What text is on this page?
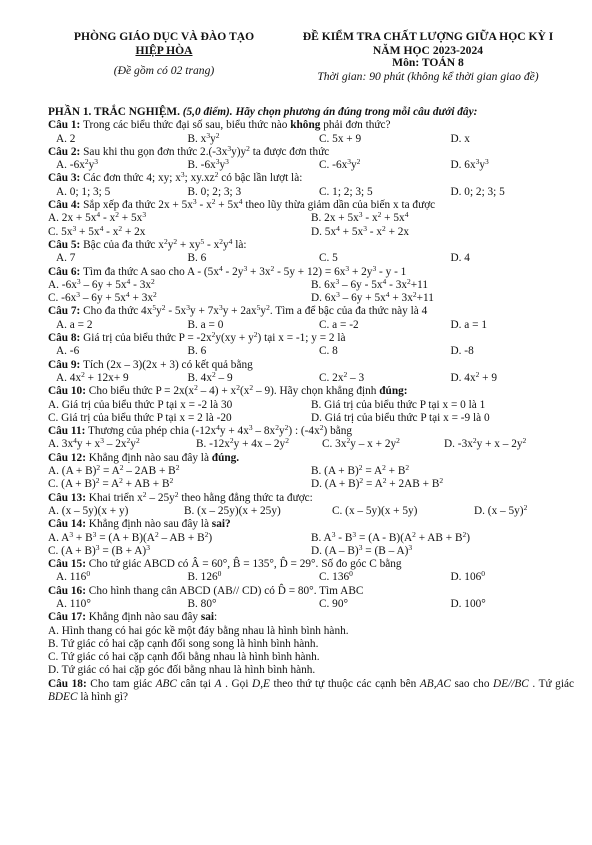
PHÒNG GIÁO DỤC VÀ ĐÀO TẠO
HIỆP HÒA
(Đề gồm có 02 trang)
ĐỀ KIỂM TRA CHẤT LƯỢNG GIỮA HỌC KỲ I
NĂM HỌC 2023-2024
Môn: TOÁN 8
Thời gian: 90 phút (không kể thời gian giao đề)
PHẦN 1. TRẮC NGHIỆM. (5,0 điểm). Hãy chọn phương án đúng trong mỗi câu dưới đây:
Câu 1: Trong các biểu thức đại số sau, biểu thức nào không phải đơn thức?
A. 2	B. $x^3y^2$	C. 5x + 9	D. x
Câu 2: Sau khi thu gọn đơn thức $2.(-3x^3y)y^2$ ta được đơn thức
A. $-6x^2y^3$	B. $-6x^3y^3$	C. $-6x^3y^2$	D. $6x^3y^3$
Câu 3: Các đơn thức 4; xy; $x^3$; $xy.xz^2$ có bậc lần lượt là:
A. 0; 1; 3; 5	B. 0; 2; 3; 3	C. 1; 2; 3; 5	D. 0; 2; 3; 5
Câu 4: Sắp xếp đa thức $2x + 5x^3 - x^2 + 5x^4$ theo lũy thừa giảm dần của biến x ta được
A. $2x + 5x^4 - x^2 + 5x^3$	B. $2x + 5x^3 - x^2 + 5x^4$
C. $5x^3 + 5x^4 - x^2 + 2x$	D. $5x^4 + 5x^3 - x^2 + 2x$
Câu 5: Bậc của đa thức $x^2y^2 + xy^5 - x^2y^4$ là:
A. 7	B. 6	C. 5	D. 4
Câu 6: Tìm đa thức A sao cho $A - (5x^4 - 2y^3 + 3x^2 - 5y + 12) = 6x^3 + 2y^3 - y - 1$
A. $-6x^3 - 6y + 5x^4 - 3x^2$	B. $6x^3 - 6y - 5x^4 - 3x^2+11$
C. $-6x^3 - 6y + 5x^4 + 3x^2$	D. $6x^3 - 6y + 5x^4 + 3x^2+11$
Câu 7: Cho đa thức $4x^5y^2 - 5x^3y + 7x^3y + 2ax^5y^2$. Tìm a để bậc của đa thức này là 4
A. a = 2	B. a = 0	C. a = -2	D. a = 1
Câu 8: Giá trị của biểu thức $P = -2x^2y(xy + y^2)$ tại x = -1; y = 2 là
A. -6	B. 6	C. 8	D. -8
Câu 9: Tích (2x – 3)(2x + 3) có kết quả bằng
A. $4x^2 + 12x+ 9$	B. $4x^2 - 9$	C. $2x^2 - 3$	D. $4x^2 + 9$
Câu 10: Cho biểu thức $P = 2x(x^2 - 4) + x^2(x^2 - 9)$. Hãy chọn khẳng định đúng:
A. Giá trị của biểu thức P tại x = -2 là 30	B. Giá trị của biểu thức P tại x = 0 là 1
C. Giá trị của biểu thức P tại x = 2 là -20	D. Giá trị của biểu thức P tại x = -9 là 0
Câu 11: Thương của phép chia $(-12x^4y + 4x^3 - 8x^2y^2)$ : $(-4x^2)$ bằng
A. $3x^4y + x^3 - 2x^2y^2$	B. $-12x^2y + 4x - 2y^2$	C. $3x^2y - x + 2y^2$	D. $-3x^2y + x - 2y^2$
Câu 12: Khẳng định nào sau đây là đúng.
A. $(A + B)^2 = A^2 - 2AB + B^2$	B. $(A + B)^2 = A^2 + B^2$
C. $(A + B)^2 = A^2$ + AB + $B^2$	D. $(A + B)^2 = A^2 + 2AB + B^2$
Câu 13: Khai triển $x^2 - 25y^2$ theo hằng đẳng thức ta được:
A. (x – 5y)(x + y)	B. (x – 25y)(x + 25y)	C. (x – 5y)(x + 5y)	D. (x – 5y)$^2$
Câu 14: Khẳng định nào sau đây là sai?
A. $A^3 + B^3 = (A + B)(A^2$ – AB + $B^2$)	B. $A^3 - B^3 = (A - B)(A^2$ + AB + $B^2$)
C. $(A + B)^3 = (B + A)^3$	D. (A – B)$^3$ = (B – A)$^3$
Câu 15: Cho tứ giác ABCD có Â = 60°, B̂ = 135°, D̂ = 29°. Số đo góc C bằng
A. $116^0$	B. $126^0$	C. $136^0$	D. $106^0$
Câu 16: Cho hình thang cân ABCD (AB// CD) có D̂ = 80°. Tìm ABC
A. 110°	B. 80°	C. 90°	D. 100°
Câu 17: Khẳng định nào sau đây sai:
A. Hình thang có hai góc kề một đáy bằng nhau là hình bình hành.
B. Tứ giác có hai cặp cạnh đối song song là hình bình hành.
C. Tứ giác có hai cặp cạnh đối bằng nhau là hình bình hành.
D. Tứ giác có hai cặp góc đối bằng nhau là hình bình hành.
Câu 18: Cho tam giác ABC cân tại A . Gọi D,E theo thứ tự thuộc các cạnh bên AB,AC sao cho DE//BC . Tứ giác BDEC là hình gì?
